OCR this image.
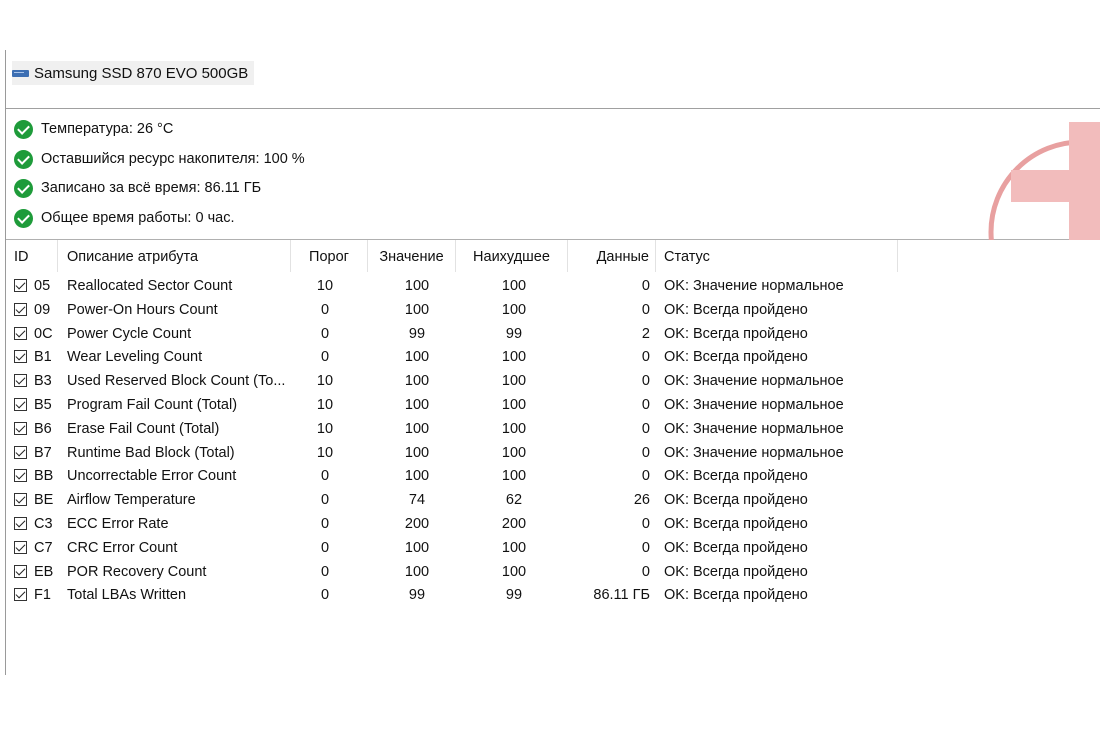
Samsung SSD 870 EVO 500GB
Температура: 26 °C
Оставшийся ресурс накопителя: 100 %
Записано за всё время: 86.11 ГБ
Общее время работы: 0 час.
ID	Описание атрибута	Порог	Значение	Наихудшее	Данные	Статус
05	Reallocated Sector Count	10	100	100	0 OK: Значение нормальное
09	Power-On Hours Count	0	100	100	0 OK: Всегда пройдено
0C Power Cycle Count	0	99	99	2 OK: Всегда пройдено
B1	Wear Leveling Count	0	100	100	0 OK: Всегда пройдено
B3	Used Reserved Block Count (To...	10	100	100	0 OK: Значение нормальное
B5	Program Fail Count (Total)	10	100	100	0 OK: Значение нормальное
B6	Erase Fail Count (Total)	10	100	100	0 OK: Значение нормальное
B7	Runtime Bad Block (Total)	10	100	100	0 OK: Значение нормальное
BB Uncorrectable Error Count	0	100	100	0 OK: Всегда пройдено
BE Airflow Temperature	0	74	62	26 OK: Всегда пройдено
C3 ECC Error Rate	0	200	200	0 OK: Всегда пройдено
C7 CRC Error Count	0	100	100	0 OK: Всегда пройдено
EB POR Recovery Count	0	100	100	0 OK: Всегда пройдено
F1	Total LBAs Written	0	99	99	86.11 ГБ OK: Всегда пройдено
